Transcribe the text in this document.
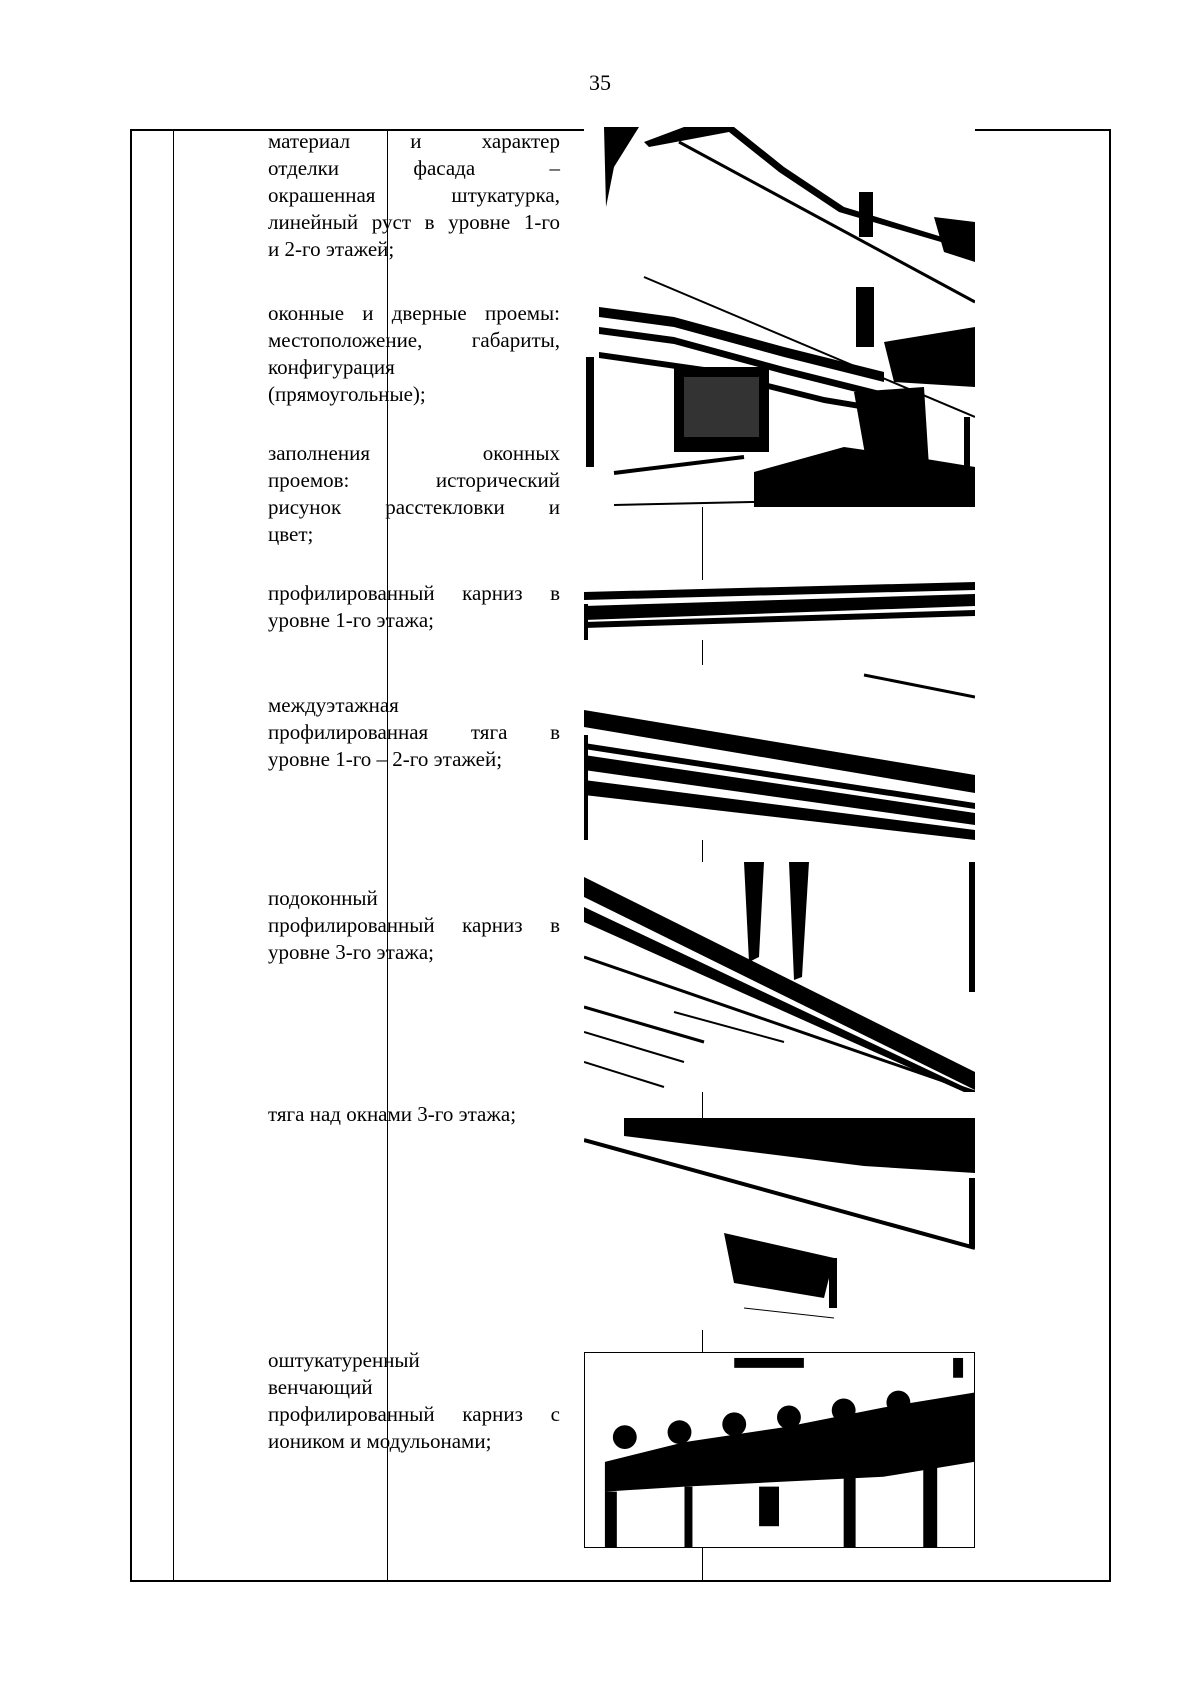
35
материал и характер
отделки фасада –
окрашенная штукатурка,
линейный руст в уровне 1-го
и 2-го этажей;
оконные и дверные проемы:
местоположение, габариты,
конфигурация
(прямоугольные);
заполнения оконных
проемов: исторический
рисунок расстекловки и
цвет;
профилированный карниз в
уровне 1-го этажа;
междуэтажная
профилированная тяга в
уровне 1-го – 2-го этажей;
подоконный
профилированный карниз в
уровне 3-го этажа;
тяга над окнами 3-го этажа;
оштукатуренный
венчающий
профилированный карниз с
иоником и модульонами;
